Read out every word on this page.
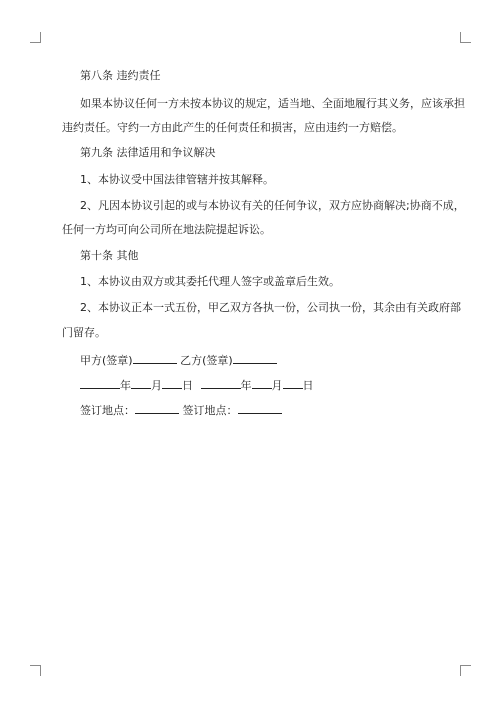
第八条 违约责任
如果本协议任何一方未按本协议的规定，适当地、全面地履行其义务，应该承担
违约责任。守约一方由此产生的任何责任和损害，应由违约一方赔偿。
第九条 法律适用和争议解决
1、本协议受中国法律管辖并按其解释。
2、凡因本协议引起的或与本协议有关的任何争议，双方应协商解决;协商不成，
任何一方均可向公司所在地法院提起诉讼。
第十条 其他
1、本协议由双方或其委托代理人签字或盖章后生效。
2、本协议正本一式五份，甲乙双方各执一份，公司执一份，其余由有关政府部
门留存。
甲方(签章)	乙方(签章)
年 月 日	年 月 日
签订地点：	签订地点：
